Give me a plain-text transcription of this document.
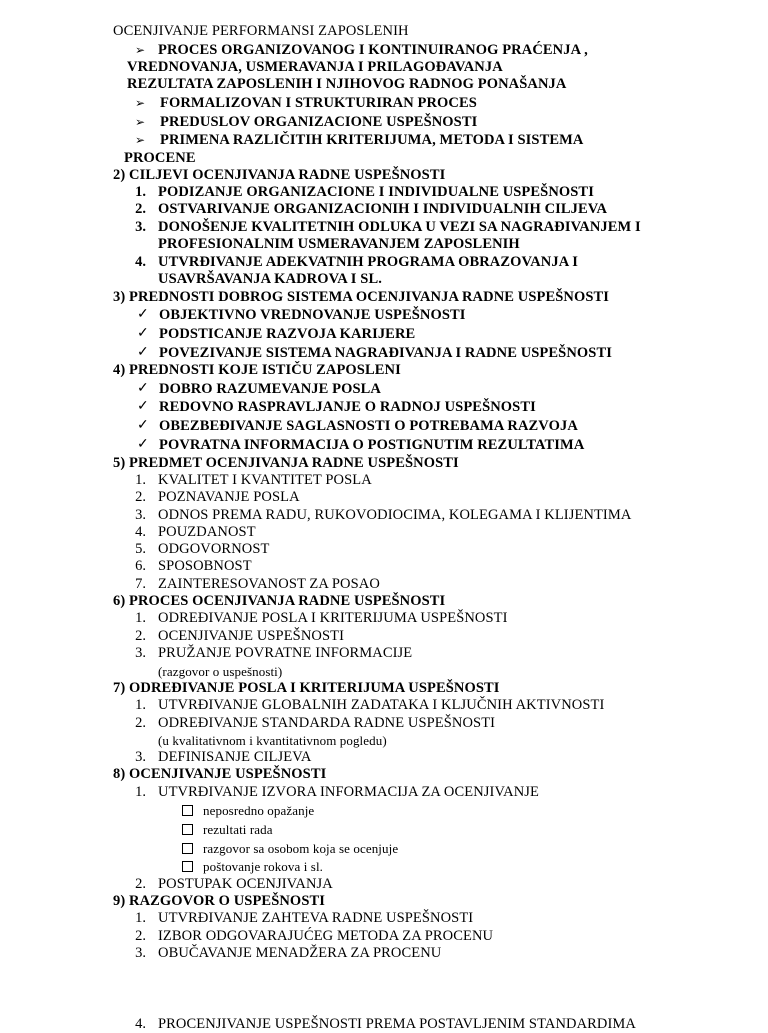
OCENJIVANJE PERFORMANSI ZAPOSLENIH
➢ PROCES ORGANIZOVANOG I KONTINUIRANOG PRAĆENJA ,
VREDNOVANJA, USMERAVANJA I PRILAGOĐAVANJA
REZULTATA ZAPOSLENIH I NJIHOVOG RADNOG PONAŠANJA
➢ FORMALIZOVAN I STRUKTURIRAN PROCES
➢ PREDUSLOV ORGANIZACIONE USPEŠNOSTI
➢ PRIMENA RAZLIČITIH KRITERIJUMA, METODA I SISTEMA
PROCENE
2) CILJEVI OCENJIVANJA RADNE USPEŠNOSTI
1. PODIZANJE ORGANIZACIONE I INDIVIDUALNE USPEŠNOSTI
2. OSTVARIVANJE ORGANIZACIONIH I INDIVIDUALNIH CILJEVA
3. DONOŠENJE KVALITETNIH ODLUKA U VEZI SA NAGRAĐIVANJEM I
PROFESIONALNIM USMERAVANJEM ZAPOSLENIH
4. UTVRĐIVANJE ADEKVATNIH PROGRAMA OBRAZOVANJA I
USAVRŠAVANJA KADROVA I SL.
3) PREDNOSTI DOBROG SISTEMA OCENJIVANJA RADNE USPEŠNOSTI
✓ OBJEKTIVNO VREDNOVANJE USPEŠNOSTI
✓ PODSTICANJE RAZVOJA KARIJERE
✓ POVEZIVANJE SISTEMA NAGRAĐIVANJA I RADNE USPEŠNOSTI
4) PREDNOSTI KOJE ISTIČU ZAPOSLENI
✓ DOBRO RAZUMEVANJE POSLA
✓ REDOVNO RASPRAVLJANJE O RADNOJ USPEŠNOSTI
✓ OBEZBEĐIVANJE SAGLASNOSTI O POTREBAMA RAZVOJA
✓ POVRATNA INFORMACIJA O POSTIGNUTIM REZULTATIMA
5) PREDMET OCENJIVANJA RADNE USPEŠNOSTI
1. KVALITET I KVANTITET POSLA
2. POZNAVANJE POSLA
3. ODNOS PREMA RADU, RUKOVODIOCIMA, KOLEGAMA I KLIJENTIMA
4. POUZDANOST
5. ODGOVORNOST
6. SPOSOBNOST
7. ZAINTERESOVANOST ZA POSAO
6) PROCES OCENJIVANJA RADNE USPEŠNOSTI
1. ODREĐIVANJE POSLA I KRITERIJUMA USPEŠNOSTI
2. OCENJIVANJE USPEŠNOSTI
3. PRUŽANJE POVRATNE INFORMACIJE
(razgovor o uspešnosti)
7) ODREĐIVANJE POSLA I KRITERIJUMA USPEŠNOSTI
1. UTVRĐIVANJE GLOBALNIH ZADATAKA I KLJUČNIH AKTIVNOSTI
2. ODREĐIVANJE STANDARDA RADNE USPEŠNOSTI
(u kvalitativnom i kvantitativnom pogledu)
3. DEFINISANJE CILJEVA
8) OCENJIVANJE USPEŠNOSTI
1. UTVRĐIVANJE IZVORA INFORMACIJA ZA OCENJIVANJE
neposredno opažanje
rezultati rada
razgovor sa osobom koja se ocenjuje
poštovanje rokova i sl.
2. POSTUPAK OCENJIVANJA
9) RAZGOVOR O USPEŠNOSTI
1. UTVRĐIVANJE ZAHTEVA RADNE USPEŠNOSTI
2. IZBOR ODGOVARAJUĆEG METODA ZA PROCENU
3. OBUČAVANJE MENADŽERA ZA PROCENU
4. PROCENJIVANJE USPEŠNOSTI PREMA POSTAVLJENIM STANDARDIMA
